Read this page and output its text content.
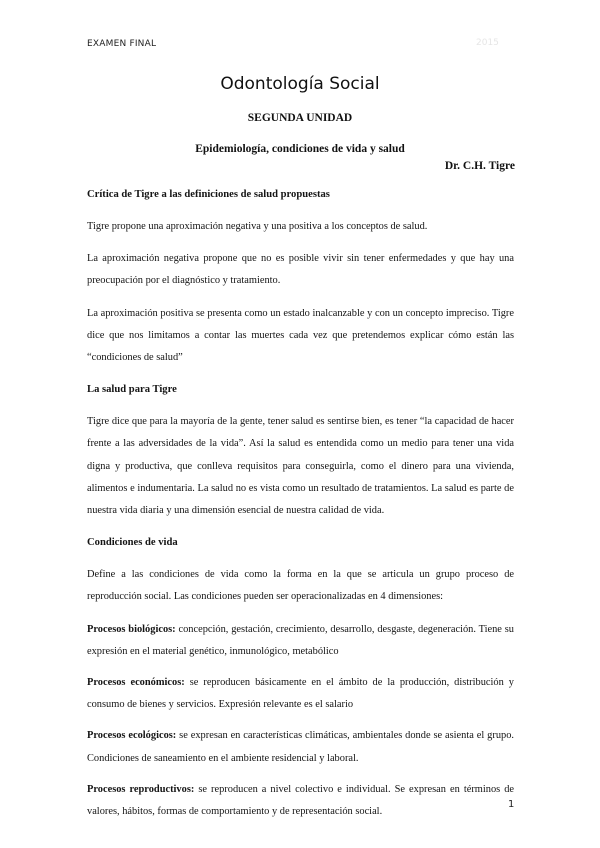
EXAMEN FINAL	2015
Odontología Social
SEGUNDA UNIDAD
Epidemiología, condiciones de vida y salud
Dr. C.H. Tigre
Crítica de Tigre a las definiciones de salud propuestas

Tigre propone una aproximación negativa y una positiva a los conceptos de salud.

La aproximación negativa propone que no es posible vivir sin tener enfermedades y que hay una preocupación por el diagnóstico y tratamiento.

La aproximación positiva se presenta como un estado inalcanzable y con un concepto impreciso. Tigre dice que nos limitamos a contar las muertes cada vez que pretendemos explicar cómo están las “condiciones de salud”

La salud para Tigre

Tigre dice que para la mayoría de la gente, tener salud es sentirse bien, es tener “la capacidad de hacer frente a las adversidades de la vida”. Así la salud es entendida como un medio para tener una vida digna y productiva, que conlleva requisitos para conseguirla, como el dinero para una vivienda, alimentos e indumentaria. La salud no es vista como un resultado de tratamientos. La salud es parte de nuestra vida diaria y una dimensión esencial de nuestra calidad de vida.

Condiciones de vida

Define a las condiciones de vida como la forma en la que se articula un grupo proceso de reproducción social. Las condiciones pueden ser operacionalizadas en 4 dimensiones:

Procesos biológicos: concepción, gestación, crecimiento, desarrollo, desgaste, degeneración. Tiene su expresión en el material genético, inmunológico, metabólico

Procesos económicos: se reproducen básicamente en el ámbito de la producción, distribución y consumo de bienes y servicios. Expresión relevante es el salario

Procesos ecológicos: se expresan en características climáticas, ambientales donde se asienta el grupo. Condiciones de saneamiento en el ambiente residencial y laboral.

Procesos reproductivos: se reproducen a nivel colectivo e individual. Se expresan en términos de valores, hábitos, formas de comportamiento y de representación social.

1
